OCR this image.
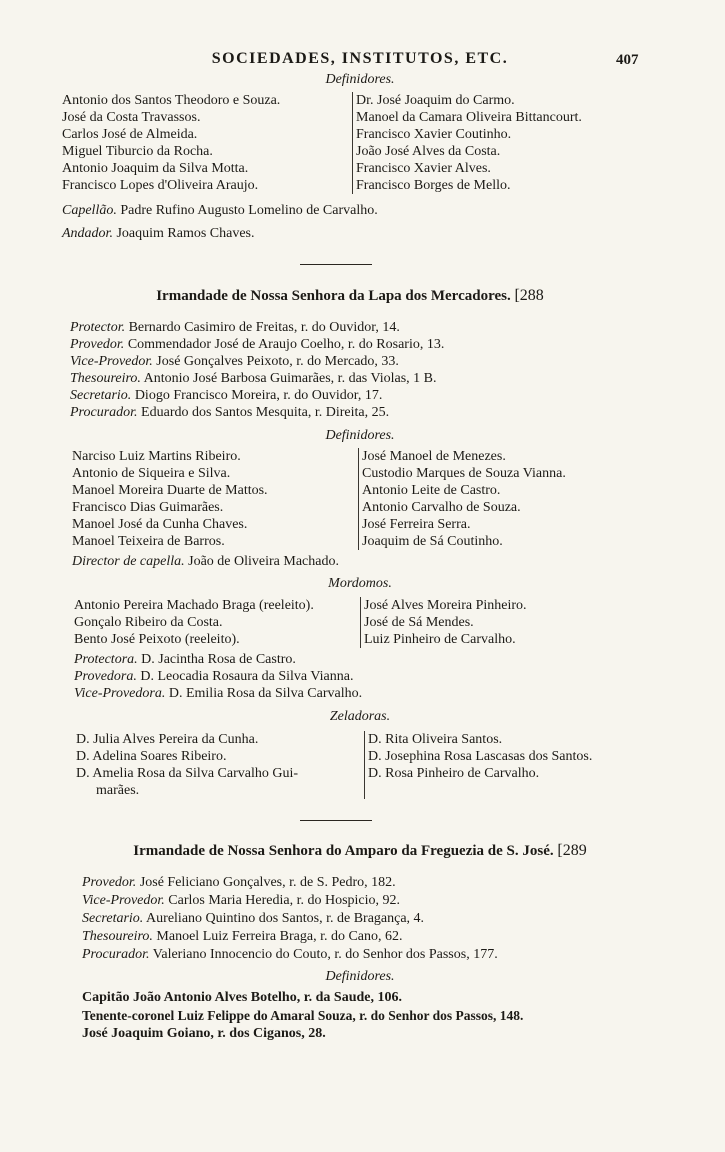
SOCIEDADES, INSTITUTOS, ETC.	407
Definidores.
Antonio dos Santos Theodoro e Souza.
José da Costa Travassos.
Carlos José de Almeida.
Miguel Tiburcio da Rocha.
Antonio Joaquim da Silva Motta.
Francisco Lopes d'Oliveira Araujo.
Dr. José Joaquim do Carmo.
Manoel da Camara Oliveira Bittancourt.
Francisco Xavier Coutinho.
João José Alves da Costa.
Francisco Xavier Alves.
Francisco Borges de Mello.
Capellão. Padre Rufino Augusto Lomelino de Carvalho.
Andador. Joaquim Ramos Chaves.
Irmandade de Nossa Senhora da Lapa dos Mercadores. [288
Protector. Bernardo Casimiro de Freitas, r. do Ouvidor, 14.
Provedor. Commendador José de Araujo Coelho, r. do Rosario, 13.
Vice-Provedor. José Gonçalves Peixoto, r. do Mercado, 33.
Thesoureiro. Antonio José Barbosa Guimarães, r. das Violas, 1 B.
Secretario. Diogo Francisco Moreira, r. do Ouvidor, 17.
Procurador. Eduardo dos Santos Mesquita, r. Direita, 25.
Definidores.
Narciso Luiz Martins Ribeiro.
Antonio de Siqueira e Silva.
Manoel Moreira Duarte de Mattos.
Francisco Dias Guimarães.
Manoel José da Cunha Chaves.
Manoel Teixeira de Barros.
José Manoel de Menezes.
Custodio Marques de Souza Vianna.
Antonio Leite de Castro.
Antonio Carvalho de Souza.
José Ferreira Serra.
Joaquim de Sá Coutinho.
Director de capella. João de Oliveira Machado.
Mordomos.
Antonio Pereira Machado Braga (reeleito).
Gonçalo Ribeiro da Costa.
Bento José Peixoto (reeleito).
José Alves Moreira Pinheiro.
José de Sá Mendes.
Luiz Pinheiro de Carvalho.
Protectora. D. Jacintha Rosa de Castro.
Provedora. D. Leocadia Rosaura da Silva Vianna.
Vice-Provedora. D. Emilia Rosa da Silva Carvalho.
Zeladoras.
D. Julia Alves Pereira da Cunha.
D. Adelina Soares Ribeiro.
D. Amelia Rosa da Silva Carvalho Gui-
marães.
D. Rita Oliveira Santos.
D. Josephina Rosa Lascasas dos Santos.
D. Rosa Pinheiro de Carvalho.
Irmandade de Nossa Senhora do Amparo da Freguezia de S. José. [289
Provedor. José Feliciano Gonçalves, r. de S. Pedro, 182.
Vice-Provedor. Carlos Maria Heredia, r. do Hospicio, 92.
Secretario. Aureliano Quintino dos Santos, r. de Bragança, 4.
Thesoureiro. Manoel Luiz Ferreira Braga, r. do Cano, 62.
Procurador. Valeriano Innocencio do Couto, r. do Senhor dos Passos, 177.
Definidores.
Capitão João Antonio Alves Botelho, r. da Saude, 106.
Tenente-coronel Luiz Felippe do Amaral Souza, r. do Senhor dos Passos, 148.
José Joaquim Goiano, r. dos Ciganos, 28.
